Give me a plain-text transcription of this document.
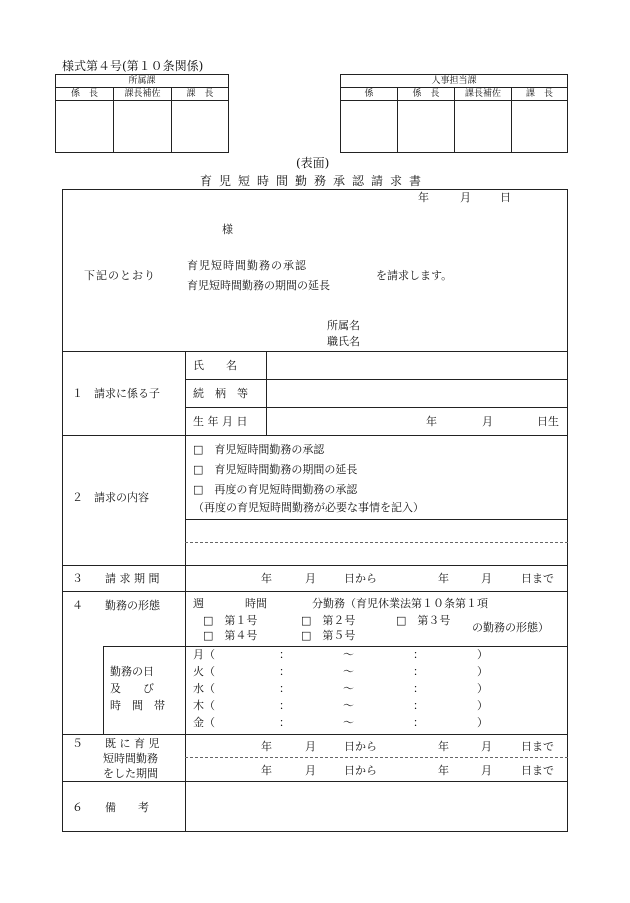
様式第４号(第１０条関係)
所属課		
係　長	課長補佐	課　長

人事担当課			
係	係　長	課長補佐	課　長

(表面)
育児短時間勤務承認請求書
年	月	日
様
下記のとおり
育児短時間勤務の承認
育児短時間勤務の期間の延長
を請求します。
所属名
職氏名
１　請求に係る子
氏　　名
続　柄　等
生 年 月 日	年	月	日生
２　請求の内容
□　育児短時間勤務の承認
□　育児短時間勤務の期間の延長
□　再度の育児短時間勤務の承認
（再度の育児短時間勤務が必要な事情を記入）
３　　請 求 期 間	年	月	日から	年	月	日まで
４　　勤務の形態	週	時間	分勤務（育児休業法第１０条第１項
□　第１号	□　第２号	□　第３号
□　第４号	□　第５号
の勤務の形態）
勤務の日
及　　び
時　間　帯
月（	：	～	：	）
火（	：	～	：	）
水（	：	～	：	）
木（	：	～	：	）
金（	：	～	：	）
５　　既 に 育 児
短時間勤務
をした期間
年	月	日から	年	月	日まで
年	月	日から	年	月	日まで
６　　備　　考
